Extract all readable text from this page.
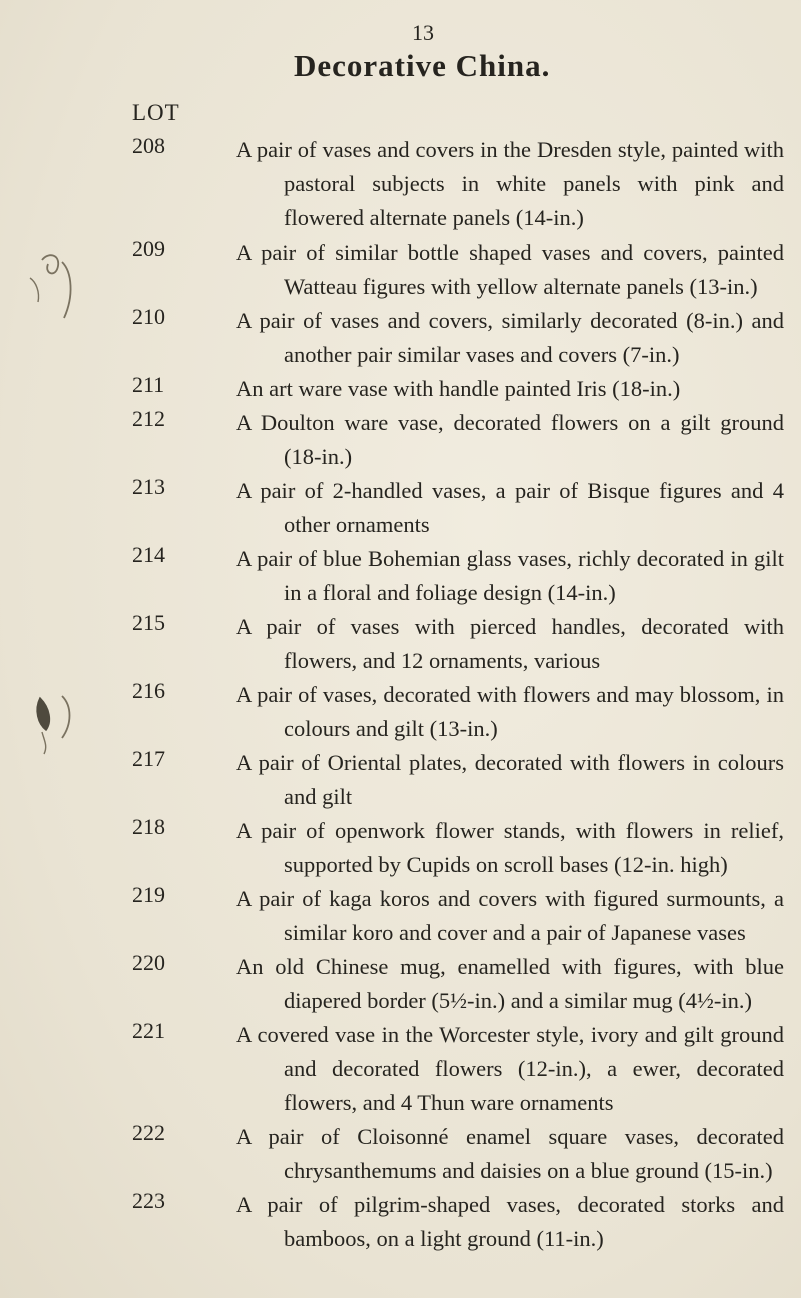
13
Decorative China.
LOT
208	A pair of vases and covers in the Dresden style, painted with pastoral subjects in white panels with pink and flowered alternate panels (14-in.)
209	A pair of similar bottle shaped vases and covers, painted Watteau figures with yellow alternate panels (13-in.)
210	A pair of vases and covers, similarly decorated (8-in.) and another pair similar vases and covers (7-in.)
211	An art ware vase with handle painted Iris (18-in.)
212	A Doulton ware vase, decorated flowers on a gilt ground (18-in.)
213	A pair of 2-handled vases, a pair of Bisque figures and 4 other ornaments
214	A pair of blue Bohemian glass vases, richly decorated in gilt in a floral and foliage design (14-in.)
215	A pair of vases with pierced handles, decorated with flowers, and 12 ornaments, various
216	A pair of vases, decorated with flowers and may blossom, in colours and gilt (13-in.)
217	A pair of Oriental plates, decorated with flowers in colours and gilt
218	A pair of openwork flower stands, with flowers in relief, supported by Cupids on scroll bases (12-in. high)
219	A pair of kaga koros and covers with figured surmounts, a similar koro and cover and a pair of Japanese vases
220	An old Chinese mug, enamelled with figures, with blue diapered border (5½-in.) and a similar mug (4½-in.)
221	A covered vase in the Worcester style, ivory and gilt ground and decorated flowers (12-in.), a ewer, decorated flowers, and 4 Thun ware ornaments
222	A pair of Cloisonné enamel square vases, decorated chrysanthemums and daisies on a blue ground (15-in.)
223	A pair of pilgrim-shaped vases, decorated storks and bamboos, on a light ground (11-in.)
